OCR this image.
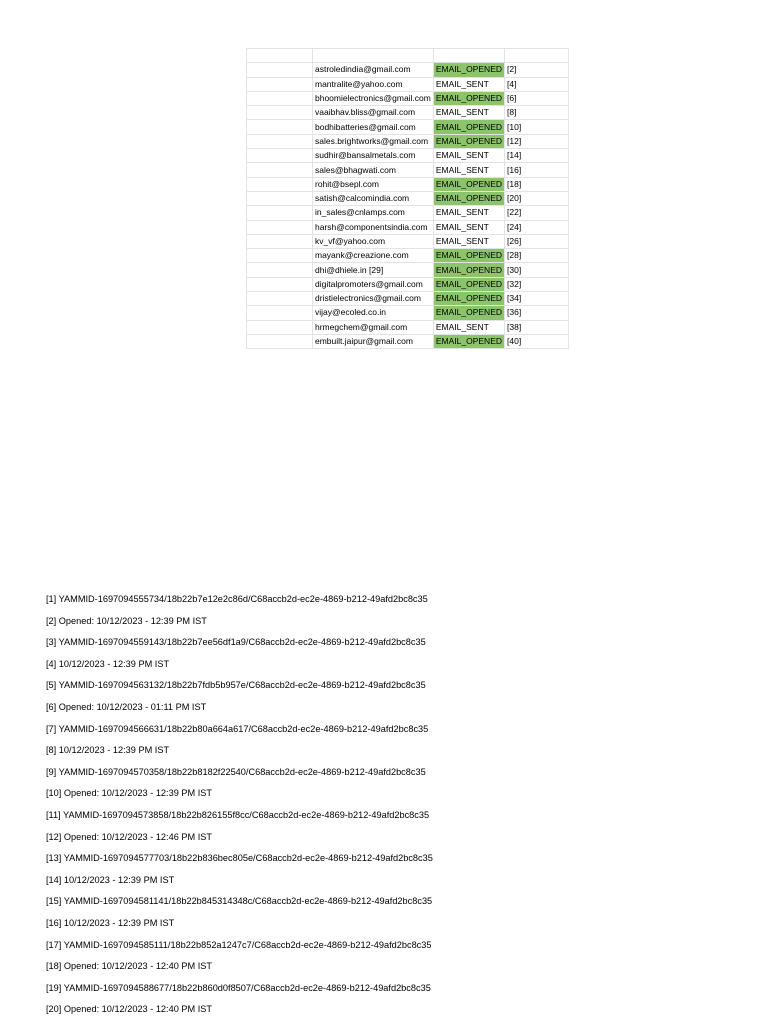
	astroledindia@gmail.com	EMAIL_OPENED	[2]
	mantralite@yahoo.com	EMAIL_SENT	[4]
	bhoomielectronics@gmail.com	EMAIL_OPENED	[6]
	vaaibhav.bliss@gmail.com	EMAIL_SENT	[8]
	bodhibatteries@gmail.com	EMAIL_OPENED	[10]
	sales.brightworks@gmail.com	EMAIL_OPENED	[12]
	sudhir@bansalmetals.com	EMAIL_SENT	[14]
	sales@bhagwati.com	EMAIL_SENT	[16]
	rohit@bsepl.com	EMAIL_OPENED	[18]
	satish@calcomindia.com	EMAIL_OPENED	[20]
	in_sales@cnlamps.com	EMAIL_SENT	[22]
	harsh@componentsindia.com	EMAIL_SENT	[24]
	kv_vf@yahoo.com	EMAIL_SENT	[26]
	mayank@creazione.com	EMAIL_OPENED	[28]
	dhi@dhiele.in [29]	EMAIL_OPENED	[30]
	digitalpromoters@gmail.com	EMAIL_OPENED	[32]
	dristielectronics@gmail.com	EMAIL_OPENED	[34]
	vijay@ecoled.co.in	EMAIL_OPENED	[36]
	hrmegchem@gmail.com	EMAIL_SENT	[38]
	embuilt.jaipur@gmail.com	EMAIL_OPENED	[40]
[1] YAMMID-1697094555734/18b22b7e12e2c86d/C68accb2d-ec2e-4869-b212-49afd2bc8c35
[2] Opened: 10/12/2023 - 12:39 PM IST
[3] YAMMID-1697094559143/18b22b7ee56df1a9/C68accb2d-ec2e-4869-b212-49afd2bc8c35
[4] 10/12/2023 - 12:39 PM IST
[5] YAMMID-1697094563132/18b22b7fdb5b957e/C68accb2d-ec2e-4869-b212-49afd2bc8c35
[6] Opened: 10/12/2023 - 01:11 PM IST
[7] YAMMID-1697094566631/18b22b80a664a617/C68accb2d-ec2e-4869-b212-49afd2bc8c35
[8] 10/12/2023 - 12:39 PM IST
[9] YAMMID-1697094570358/18b22b8182f22540/C68accb2d-ec2e-4869-b212-49afd2bc8c35
[10] Opened: 10/12/2023 - 12:39 PM IST
[11] YAMMID-1697094573858/18b22b826155f8cc/C68accb2d-ec2e-4869-b212-49afd2bc8c35
[12] Opened: 10/12/2023 - 12:46 PM IST
[13] YAMMID-1697094577703/18b22b836bec805e/C68accb2d-ec2e-4869-b212-49afd2bc8c35
[14] 10/12/2023 - 12:39 PM IST
[15] YAMMID-1697094581141/18b22b845314348c/C68accb2d-ec2e-4869-b212-49afd2bc8c35
[16] 10/12/2023 - 12:39 PM IST
[17] YAMMID-1697094585111/18b22b852a1247c7/C68accb2d-ec2e-4869-b212-49afd2bc8c35
[18] Opened: 10/12/2023 - 12:40 PM IST
[19] YAMMID-1697094588677/18b22b860d0f8507/C68accb2d-ec2e-4869-b212-49afd2bc8c35
[20] Opened: 10/12/2023 - 12:40 PM IST
